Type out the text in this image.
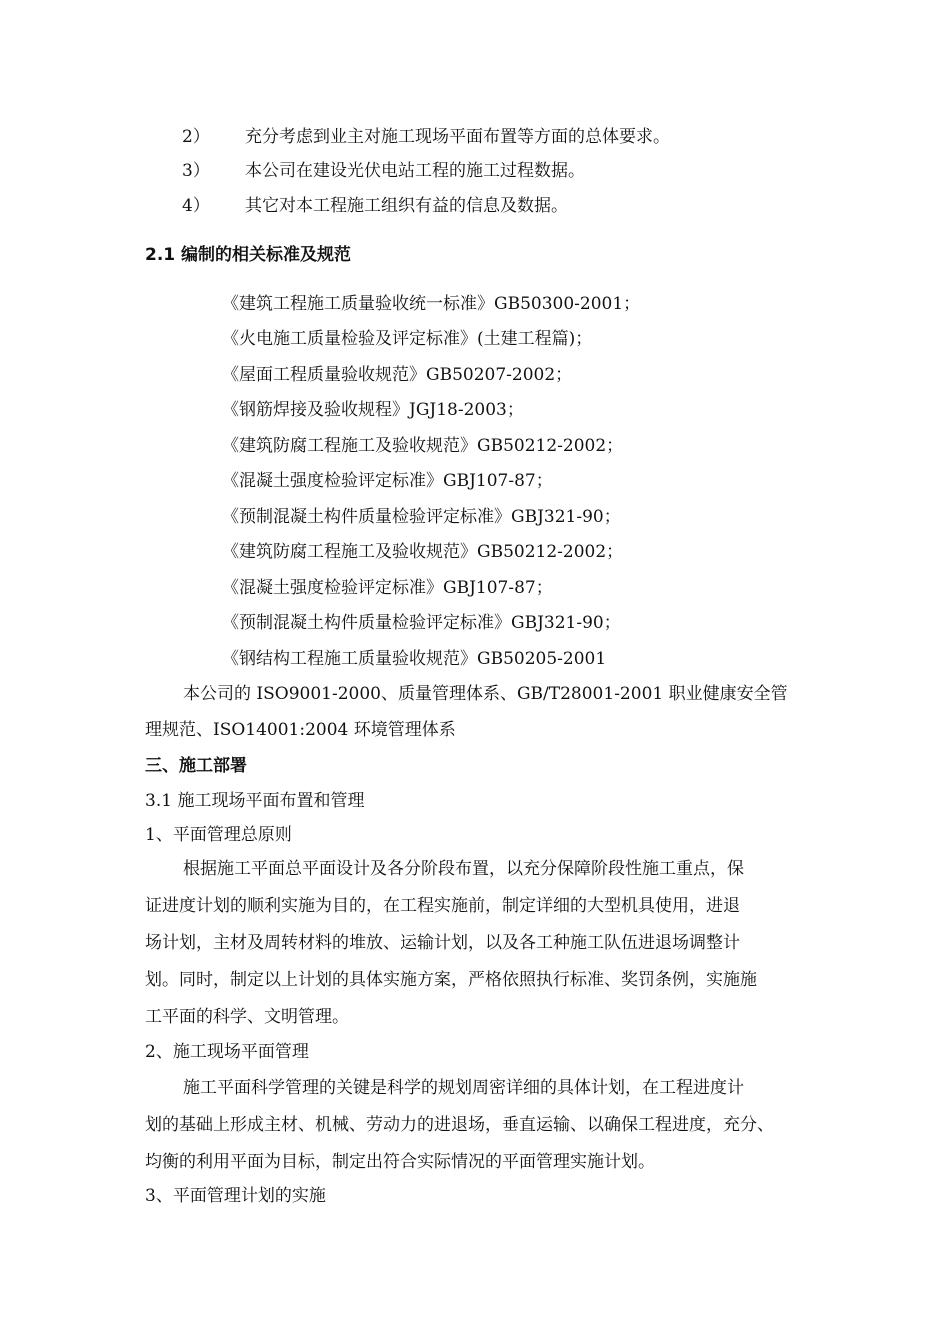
2） 充分考虑到业主对施工现场平面布置等方面的总体要求。
3） 本公司在建设光伏电站工程的施工过程数据。
4） 其它对本工程施工组织有益的信息及数据。
2.1 编制的相关标准及规范
《建筑工程施工质量验收统一标准》GB50300-2001；
《火电施工质量检验及评定标准》(土建工程篇)；
《屋面工程质量验收规范》GB50207-2002；
《钢筋焊接及验收规程》JGJ18-2003；
《建筑防腐工程施工及验收规范》GB50212-2002；
《混凝土强度检验评定标准》GBJ107-87；
《预制混凝土构件质量检验评定标准》GBJ321-90；
《建筑防腐工程施工及验收规范》GB50212-2002；
《混凝土强度检验评定标准》GBJ107-87；
《预制混凝土构件质量检验评定标准》GBJ321-90；
《钢结构工程施工质量验收规范》GB50205-2001
本公司的 ISO9001-2000、质量管理体系、GB/T28001-2001 职业健康安全管
理规范、ISO14001:2004 环境管理体系
三、施工部署
3.1 施工现场平面布置和管理
1、平面管理总原则
根据施工平面总平面设计及各分阶段布置，以充分保障阶段性施工重点，保
证进度计划的顺利实施为目的，在工程实施前，制定详细的大型机具使用，进退
场计划，主材及周转材料的堆放、运输计划，以及各工种施工队伍进退场调整计
划。同时，制定以上计划的具体实施方案，严格依照执行标准、奖罚条例，实施施
工平面的科学、文明管理。
2、施工现场平面管理
施工平面科学管理的关键是科学的规划周密详细的具体计划，在工程进度计
划的基础上形成主材、机械、劳动力的进退场，垂直运输、以确保工程进度，充分、
均衡的利用平面为目标，制定出符合实际情况的平面管理实施计划。
3、平面管理计划的实施
